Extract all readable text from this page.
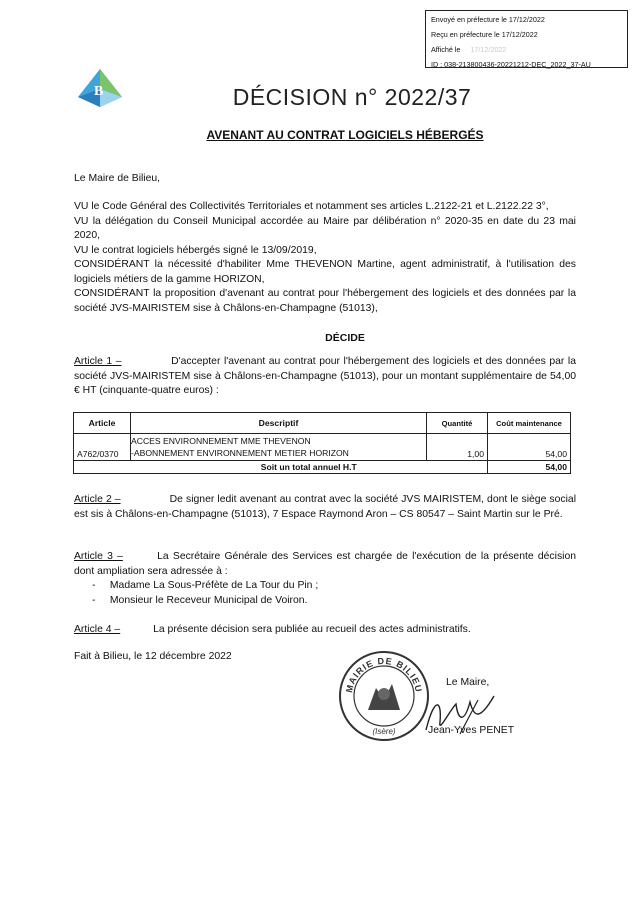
Envoyé en préfecture le 17/12/2022
Reçu en préfecture le 17/12/2022
Affiché le 17/12/2022
ID : 038-213800436-20221212-DEC_2022_37-AU
B	DÉCISION n° 2022/37
AVENANT AU CONTRAT LOGICIELS HÉBERGÉS
Le Maire de Bilieu,
VU le Code Général des Collectivités Territoriales et notamment ses articles L.2122-21 et L.2122.22 3°,
VU la délégation du Conseil Municipal accordée au Maire par délibération n° 2020-35 en date du 23 mai 2020,
VU le contrat logiciels hébergés signé le 13/09/2019,
CONSIDÉRANT la nécessité d'habiliter Mme THEVENON Martine, agent administratif, à l'utilisation des logiciels métiers de la gamme HORIZON,
CONSIDÉRANT la proposition d'avenant au contrat pour l'hébergement des logiciels et des données par la société JVS-MAIRISTEM sise à Châlons-en-Champagne (51013),
DÉCIDE
Article 1 –	D'accepter l'avenant au contrat pour l'hébergement des logiciels et des données par la société JVS-MAIRISTEM sise à Châlons-en-Champagne (51013), pour un montant supplémentaire de 54,00 € HT (cinquante-quatre euros) :
Article	Descriptif	Quantité	Coût maintenance
A762/0370	ACCES ENVIRONNEMENT MME THEVENON
-ABONNEMENT ENVIRONNEMENT METIER HORIZON	1,00	54,00
	Soit un total annuel H.T		54,00
Article 2 –	De signer ledit avenant au contrat avec la société JVS MAIRISTEM, dont le siège social est sis à Châlons-en-Champagne (51013), 7 Espace Raymond Aron – CS 80547 – Saint Martin sur le Pré.
Article 3 –	La Secrétaire Générale des Services est chargée de l'exécution de la présente décision dont ampliation sera adressée à :
-     Madame La Sous-Préfète de La Tour du Pin ;
-     Monsieur le Receveur Municipal de Voiron.
Article 4 –	La présente décision sera publiée au recueil des actes administratifs.
Fait à Bilieu, le 12 décembre 2022
MAIRIE DE BILIEU
(Isère)
Le Maire,
Jean-Yves PENET
